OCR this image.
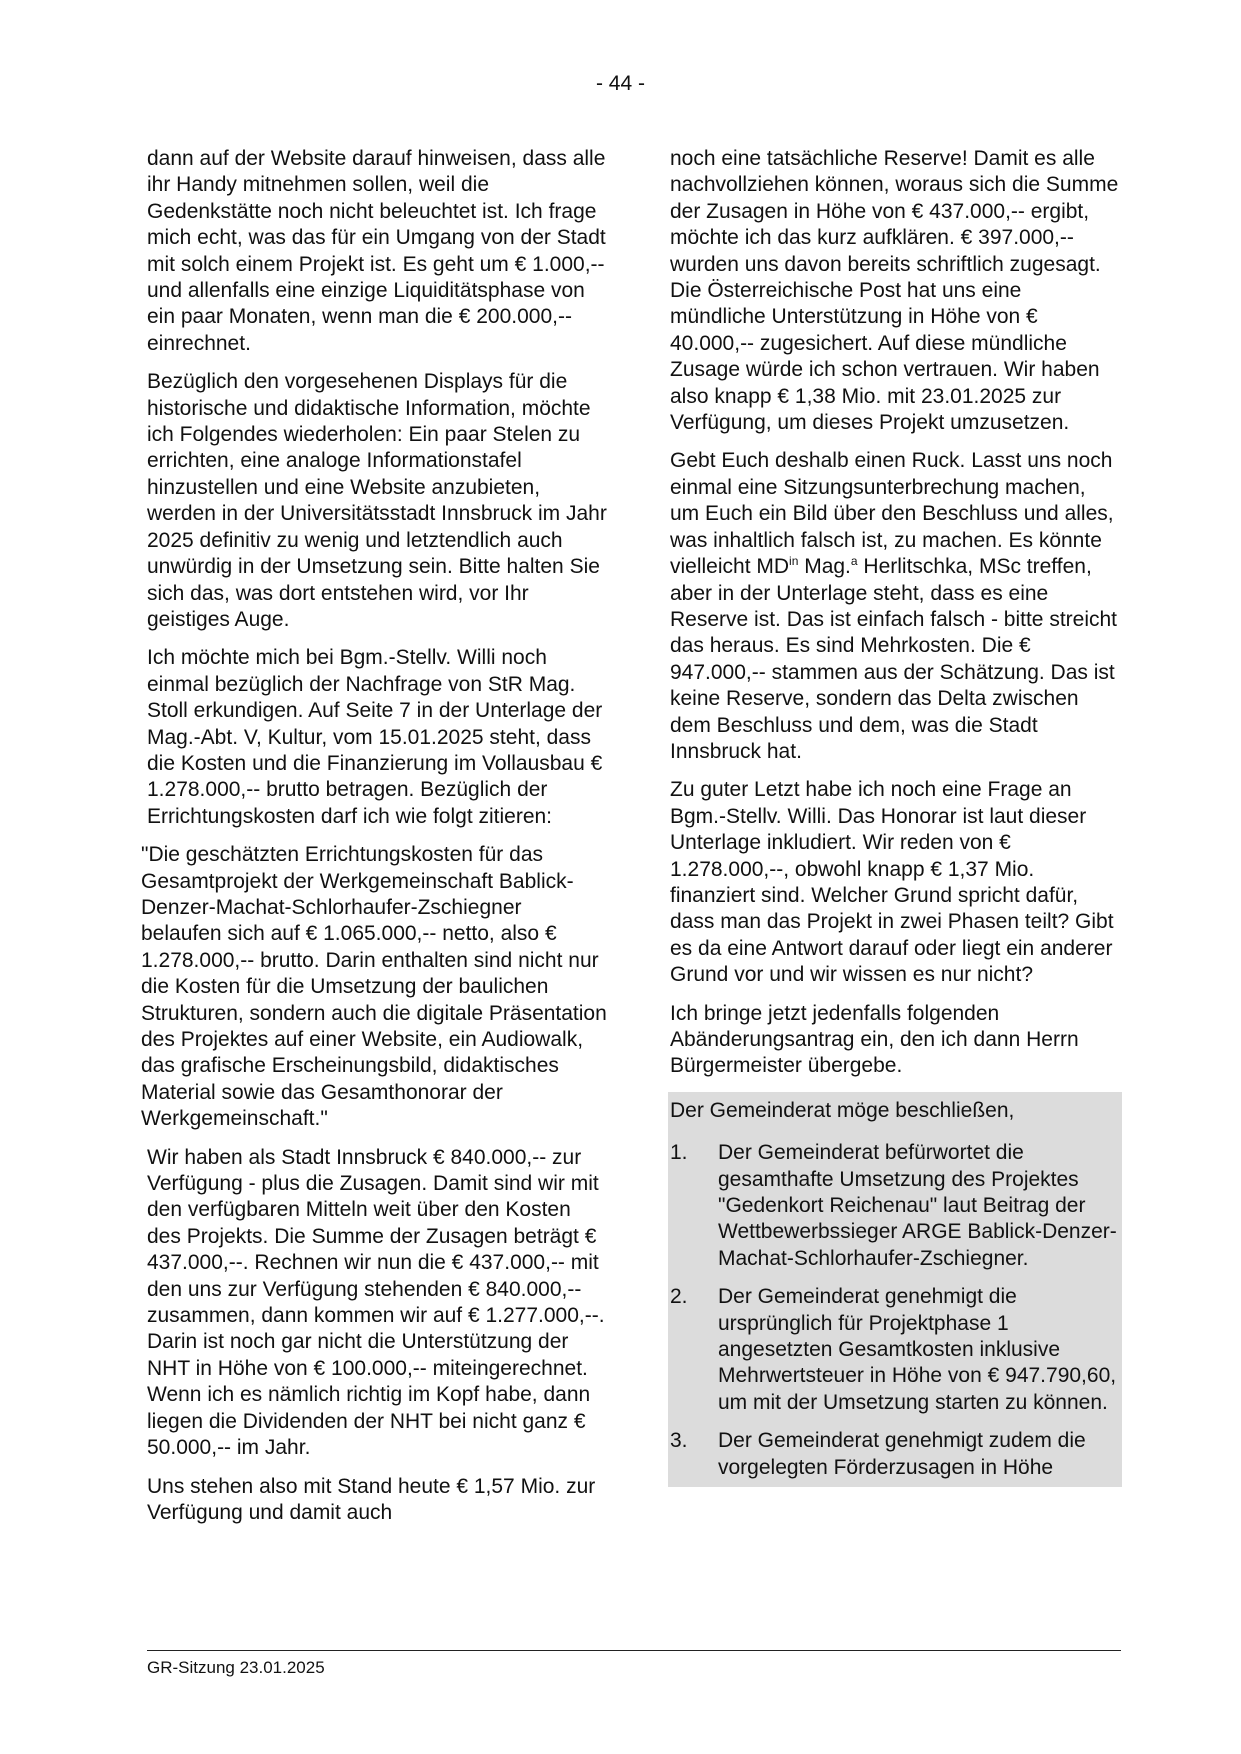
- 44 -

dann auf der Website darauf hinweisen, dass alle ihr Handy mitnehmen sollen, weil die Gedenkstätte noch nicht beleuchtet ist. Ich frage mich echt, was das für ein Umgang von der Stadt mit solch einem Projekt ist. Es geht um € 1.000,-- und allenfalls eine einzige Liquiditätsphase von ein paar Monaten, wenn man die € 200.000,-- einrechnet.

Bezüglich den vorgesehenen Displays für die historische und didaktische Information, möchte ich Folgendes wiederholen: Ein paar Stelen zu errichten, eine analoge Informationstafel hinzustellen und eine Website anzubieten, werden in der Universitätsstadt Innsbruck im Jahr 2025 definitiv zu wenig und letztendlich auch unwürdig in der Umsetzung sein. Bitte halten Sie sich das, was dort entstehen wird, vor Ihr geistiges Auge.

Ich möchte mich bei Bgm.-Stellv. Willi noch einmal bezüglich der Nachfrage von StR Mag. Stoll erkundigen. Auf Seite 7 in der Unterlage der Mag.-Abt. V, Kultur, vom 15.01.2025 steht, dass die Kosten und die Finanzierung im Vollausbau € 1.278.000,-- brutto betragen. Bezüglich der Errichtungskosten darf ich wie folgt zitieren:

"Die geschätzten Errichtungskosten für das Gesamtprojekt der Werkgemeinschaft Bablick-Denzer-Machat-Schlorhaufer-Zschiegner belaufen sich auf € 1.065.000,-- netto, also € 1.278.000,-- brutto. Darin enthalten sind nicht nur die Kosten für die Umsetzung der baulichen Strukturen, sondern auch die digitale Präsentation des Projektes auf einer Website, ein Audiowalk, das grafische Erscheinungsbild, didaktisches Material sowie das Gesamthonorar der Werkgemeinschaft."

Wir haben als Stadt Innsbruck € 840.000,-- zur Verfügung - plus die Zusagen. Damit sind wir mit den verfügbaren Mitteln weit über den Kosten des Projekts. Die Summe der Zusagen beträgt € 437.000,--. Rechnen wir nun die € 437.000,-- mit den uns zur Verfügung stehenden € 840.000,-- zusammen, dann kommen wir auf € 1.277.000,--. Darin ist noch gar nicht die Unterstützung der NHT in Höhe von € 100.000,-- miteingerechnet. Wenn ich es nämlich richtig im Kopf habe, dann liegen die Dividenden der NHT bei nicht ganz € 50.000,-- im Jahr.

Uns stehen also mit Stand heute € 1,57 Mio. zur Verfügung und damit auch

noch eine tatsächliche Reserve! Damit es alle nachvollziehen können, woraus sich die Summe der Zusagen in Höhe von € 437.000,-- ergibt, möchte ich das kurz aufklären. € 397.000,-- wurden uns davon bereits schriftlich zugesagt. Die Österreichische Post hat uns eine mündliche Unterstützung in Höhe von € 40.000,-- zugesichert. Auf diese mündliche Zusage würde ich schon vertrauen. Wir haben also knapp € 1,38 Mio. mit 23.01.2025 zur Verfügung, um dieses Projekt umzusetzen.

Gebt Euch deshalb einen Ruck. Lasst uns noch einmal eine Sitzungsunterbrechung machen, um Euch ein Bild über den Beschluss und alles, was inhaltlich falsch ist, zu machen. Es könnte vielleicht $MD^{in}$ Mag.$^a$ Herlitschka, MSc treffen, aber in der Unterlage steht, dass es eine Reserve ist. Das ist einfach falsch - bitte streicht das heraus. Es sind Mehrkosten. Die € 947.000,-- stammen aus der Schätzung. Das ist keine Reserve, sondern das Delta zwischen dem Beschluss und dem, was die Stadt Innsbruck hat.

Zu guter Letzt habe ich noch eine Frage an Bgm.-Stellv. Willi. Das Honorar ist laut dieser Unterlage inkludiert. Wir reden von € 1.278.000,--, obwohl knapp € 1,37 Mio. finanziert sind. Welcher Grund spricht dafür, dass man das Projekt in zwei Phasen teilt? Gibt es da eine Antwort darauf oder liegt ein anderer Grund vor und wir wissen es nur nicht?

Ich bringe jetzt jedenfalls folgenden Abänderungsantrag ein, den ich dann Herrn Bürgermeister übergebe.

Der Gemeinderat möge beschließen,

1.	Der Gemeinderat befürwortet die gesamthafte Umsetzung des Projektes "Gedenkort Reichenau" laut Beitrag der Wettbewerbssieger ARGE Bablick-Denzer-Machat-Schlorhaufer-Zschiegner.
2.	Der Gemeinderat genehmigt die ursprünglich für Projektphase 1 angesetzten Gesamtkosten inklusive Mehrwertsteuer in Höhe von € 947.790,60, um mit der Umsetzung starten zu können.
3.	Der Gemeinderat genehmigt zudem die vorgelegten Förderzusagen in Höhe
GR-Sitzung 23.01.2025
